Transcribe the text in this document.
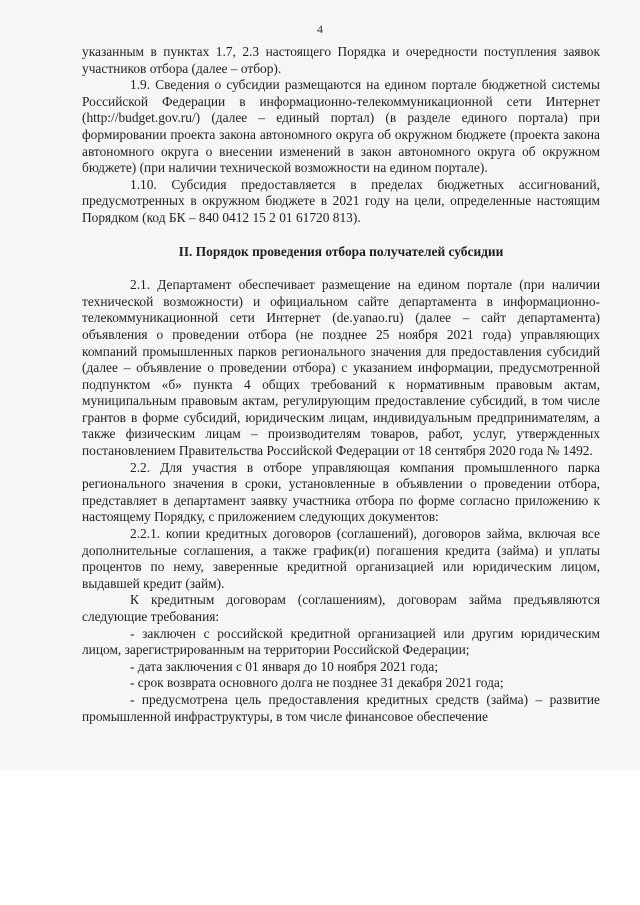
4

указанным в пунктах 1.7, 2.3 настоящего Порядка и очередности поступления заявок участников отбора (далее – отбор).

1.9. Сведения о субсидии размещаются на едином портале бюджетной системы Российской Федерации в информационно-телекоммуникационной сети Интернет (http://budget.gov.ru/) (далее – единый портал) (в разделе единого портала) при формировании проекта закона автономного округа об окружном бюджете (проекта закона автономного округа о внесении изменений в закон автономного округа об окружном бюджете) (при наличии технической возможности на едином портале).

1.10. Субсидия предоставляется в пределах бюджетных ассигнований, предусмотренных в окружном бюджете в 2021 году на цели, определенные настоящим Порядком (код БК – 840 0412 15 2 01 61720 813).

II. Порядок проведения отбора получателей субсидии

2.1. Департамент обеспечивает размещение на едином портале (при наличии технической возможности) и официальном сайте департамента в информационно-телекоммуникационной сети Интернет (de.yanao.ru) (далее – сайт департамента) объявления о проведении отбора (не позднее 25 ноября 2021 года) управляющих компаний промышленных парков регионального значения для предоставления субсидий (далее – объявление о проведении отбора) с указанием информации, предусмотренной подпунктом «б» пункта 4 общих требований к нормативным правовым актам, муниципальным правовым актам, регулирующим предоставление субсидий, в том числе грантов в форме субсидий, юридическим лицам, индивидуальным предпринимателям, а также физическим лицам – производителям товаров, работ, услуг, утвержденных постановлением Правительства Российской Федерации от 18 сентября 2020 года № 1492.

2.2. Для участия в отборе управляющая компания промышленного парка регионального значения в сроки, установленные в объявлении о проведении отбора, представляет в департамент заявку участника отбора по форме согласно приложению к настоящему Порядку, с приложением следующих документов:

2.2.1. копии кредитных договоров (соглашений), договоров займа, включая все дополнительные соглашения, а также график(и) погашения кредита (займа) и уплаты процентов по нему, заверенные кредитной организацией или юридическим лицом, выдавшей кредит (займ).

К кредитным договорам (соглашениям), договорам займа предъявляются следующие требования:

- заключен с российской кредитной организацией или другим юридическим лицом, зарегистрированным на территории Российской Федерации;

- дата заключения с 01 января до 10 ноября 2021 года;

- срок возврата основного долга не позднее 31 декабря 2021 года;

- предусмотрена цель предоставления кредитных средств (займа) – развитие промышленной инфраструктуры, в том числе финансовое обеспечение
